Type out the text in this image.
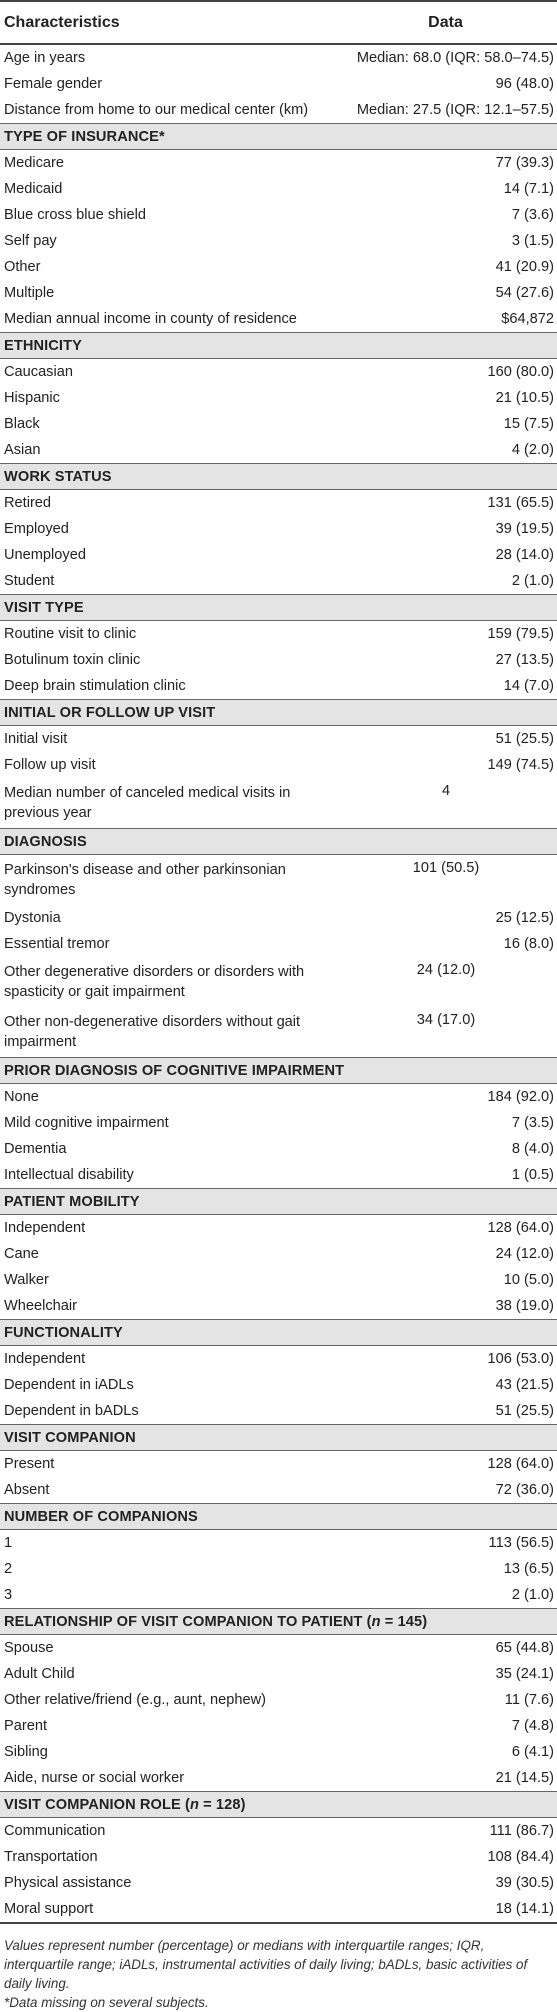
Characteristics	Data
Age in years	Median: 68.0 (IQR: 58.0–74.5)
Female gender	96 (48.0)
Distance from home to our medical center (km)	Median: 27.5 (IQR: 12.1–57.5)
TYPE OF INSURANCE*	
Medicare	77 (39.3)
Medicaid	14 (7.1)
Blue cross blue shield	7 (3.6)
Self pay	3 (1.5)
Other	41 (20.9)
Multiple	54 (27.6)
Median annual income in county of residence	$64,872
ETHNICITY	
Caucasian	160 (80.0)
Hispanic	21 (10.5)
Black	15 (7.5)
Asian	4 (2.0)
WORK STATUS	
Retired	131 (65.5)
Employed	39 (19.5)
Unemployed	28 (14.0)
Student	2 (1.0)
VISIT TYPE	
Routine visit to clinic	159 (79.5)
Botulinum toxin clinic	27 (13.5)
Deep brain stimulation clinic	14 (7.0)
INITIAL OR FOLLOW UP VISIT	
Initial visit	51 (25.5)
Follow up visit	149 (74.5)
Median number of canceled medical visits in previous year	4
DIAGNOSIS	
Parkinson's disease and other parkinsonian syndromes	101 (50.5)
Dystonia	25 (12.5)
Essential tremor	16 (8.0)
Other degenerative disorders or disorders with spasticity or gait impairment	24 (12.0)
Other non-degenerative disorders without gait impairment	34 (17.0)
PRIOR DIAGNOSIS OF COGNITIVE IMPAIRMENT	
None	184 (92.0)
Mild cognitive impairment	7 (3.5)
Dementia	8 (4.0)
Intellectual disability	1 (0.5)
PATIENT MOBILITY	
Independent	128 (64.0)
Cane	24 (12.0)
Walker	10 (5.0)
Wheelchair	38 (19.0)
FUNCTIONALITY	
Independent	106 (53.0)
Dependent in iADLs	43 (21.5)
Dependent in bADLs	51 (25.5)
VISIT COMPANION	
Present	128 (64.0)
Absent	72 (36.0)
NUMBER OF COMPANIONS	
1	113 (56.5)
2	13 (6.5)
3	2 (1.0)
RELATIONSHIP OF VISIT COMPANION TO PATIENT (n = 145)	
Spouse	65 (44.8)
Adult Child	35 (24.1)
Other relative/friend (e.g., aunt, nephew)	11 (7.6)
Parent	7 (4.8)
Sibling	6 (4.1)
Aide, nurse or social worker	21 (14.5)
VISIT COMPANION ROLE (n = 128)	
Communication	111 (86.7)
Transportation	108 (84.4)
Physical assistance	39 (30.5)
Moral support	18 (14.1)

Values represent number (percentage) or medians with interquartile ranges; IQR, interquartile range; iADLs, instrumental activities of daily living; bADLs, basic activities of daily living.

*Data missing on several subjects.
